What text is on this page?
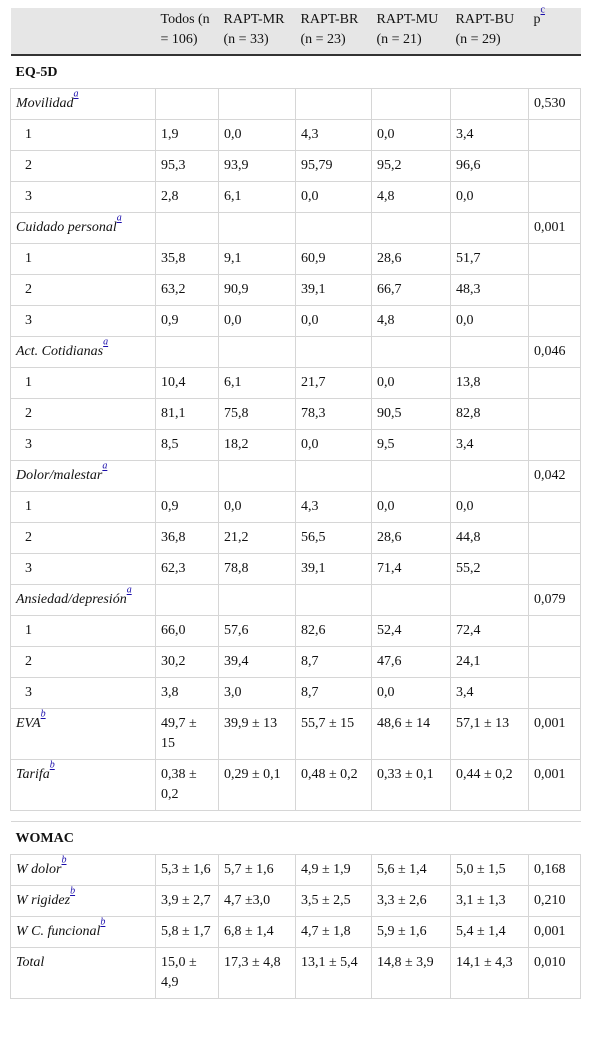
	Todos (n = 106)	RAPT-MR (n = 33)	RAPT-BR (n = 23)	RAPT-MU (n = 21)	RAPT-BU (n = 29)	p$^c$
EQ-5D						
Movilidad$^a$						0,530
1	1,9	0,0	4,3	0,0	3,4	
2	95,3	93,9	95,79	95,2	96,6	
3	2,8	6,1	0,0	4,8	0,0	
Cuidado personal$^a$						0,001
1	35,8	9,1	60,9	28,6	51,7	
2	63,2	90,9	39,1	66,7	48,3	
3	0,9	0,0	0,0	4,8	0,0	
Act. Cotidianas$^a$						0,046
1	10,4	6,1	21,7	0,0	13,8	
2	81,1	75,8	78,3	90,5	82,8	
3	8,5	18,2	0,0	9,5	3,4	
Dolor/malestar$^a$						0,042
1	0,9	0,0	4,3	0,0	0,0	
2	36,8	21,2	56,5	28,6	44,8	
3	62,3	78,8	39,1	71,4	55,2	
Ansiedad/depresión$^a$						0,079
1	66,0	57,6	82,6	52,4	72,4	
2	30,2	39,4	8,7	47,6	24,1	
3	3,8	3,0	8,7	0,0	3,4	
EVA$^b$	49,7 ± 15	39,9 ± 13	55,7 ± 15	48,6 ± 14	57,1 ± 13	0,001
Tarifa$^b$	0,38 ± 0,2	0,29 ± 0,1	0,48 ± 0,2	0,33 ± 0,1	0,44 ± 0,2	0,001

WOMAC						
W dolor$^b$	5,3 ± 1,6	5,7 ± 1,6	4,9 ± 1,9	5,6 ± 1,4	5,0 ± 1,5	0,168
W rigidez$^b$	3,9 ± 2,7	4,7 ±3,0	3,5 ± 2,5	3,3 ± 2,6	3,1 ± 1,3	0,210
W C. funcional$^b$	5,8 ± 1,7	6,8 ± 1,4	4,7 ± 1,8	5,9 ± 1,6	5,4 ± 1,4	0,001
Total	15,0 ± 4,9	17,3 ± 4,8	13,1 ± 5,4	14,8 ± 3,9	14,1 ± 4,3	0,010
